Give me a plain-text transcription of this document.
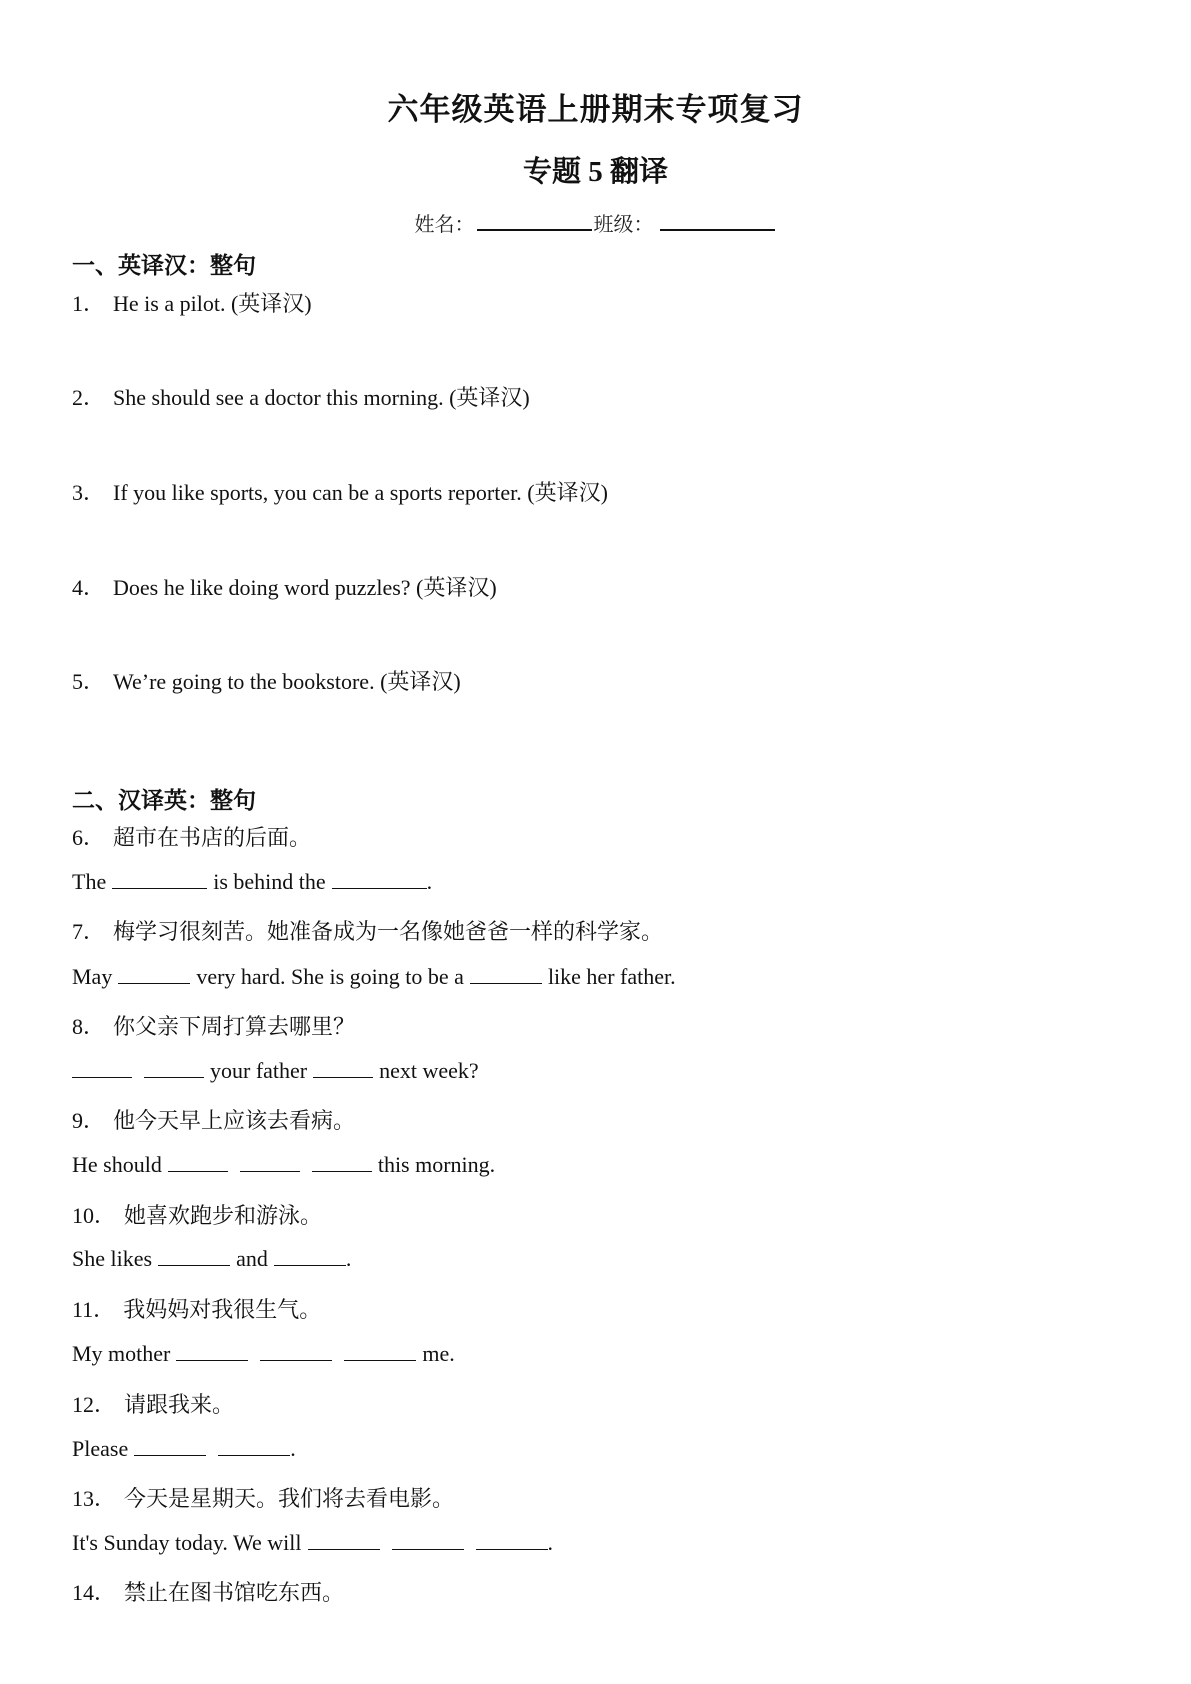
六年级英语上册期末专项复习
专题 5 翻译
姓名：	班级：
一、英译汉：整句
1． He is a pilot. (英译汉)
2． She should see a doctor this morning. (英译汉)
3． If you like sports, you can be a sports reporter. (英译汉)
4． Does he like doing word puzzles? (英译汉)
5． We’re going to the bookstore. (英译汉)
二、汉译英：整句
6． 超市在书店的后面。
The	is behind the	.
7． 梅学习很刻苦。她准备成为一名像她爸爸一样的科学家。
May	very hard. She is going to be a	like her father.
8． 你父亲下周打算去哪里？
your father	next week?
9． 他今天早上应该去看病。
He should	this morning.
10． 她喜欢跑步和游泳。
She likes	and	.
11． 我妈妈对我很生气。
My mother	me.
12． 请跟我来。
Please	.
13． 今天是星期天。我们将去看电影。
It's Sunday today. We will	.
14． 禁止在图书馆吃东西。
